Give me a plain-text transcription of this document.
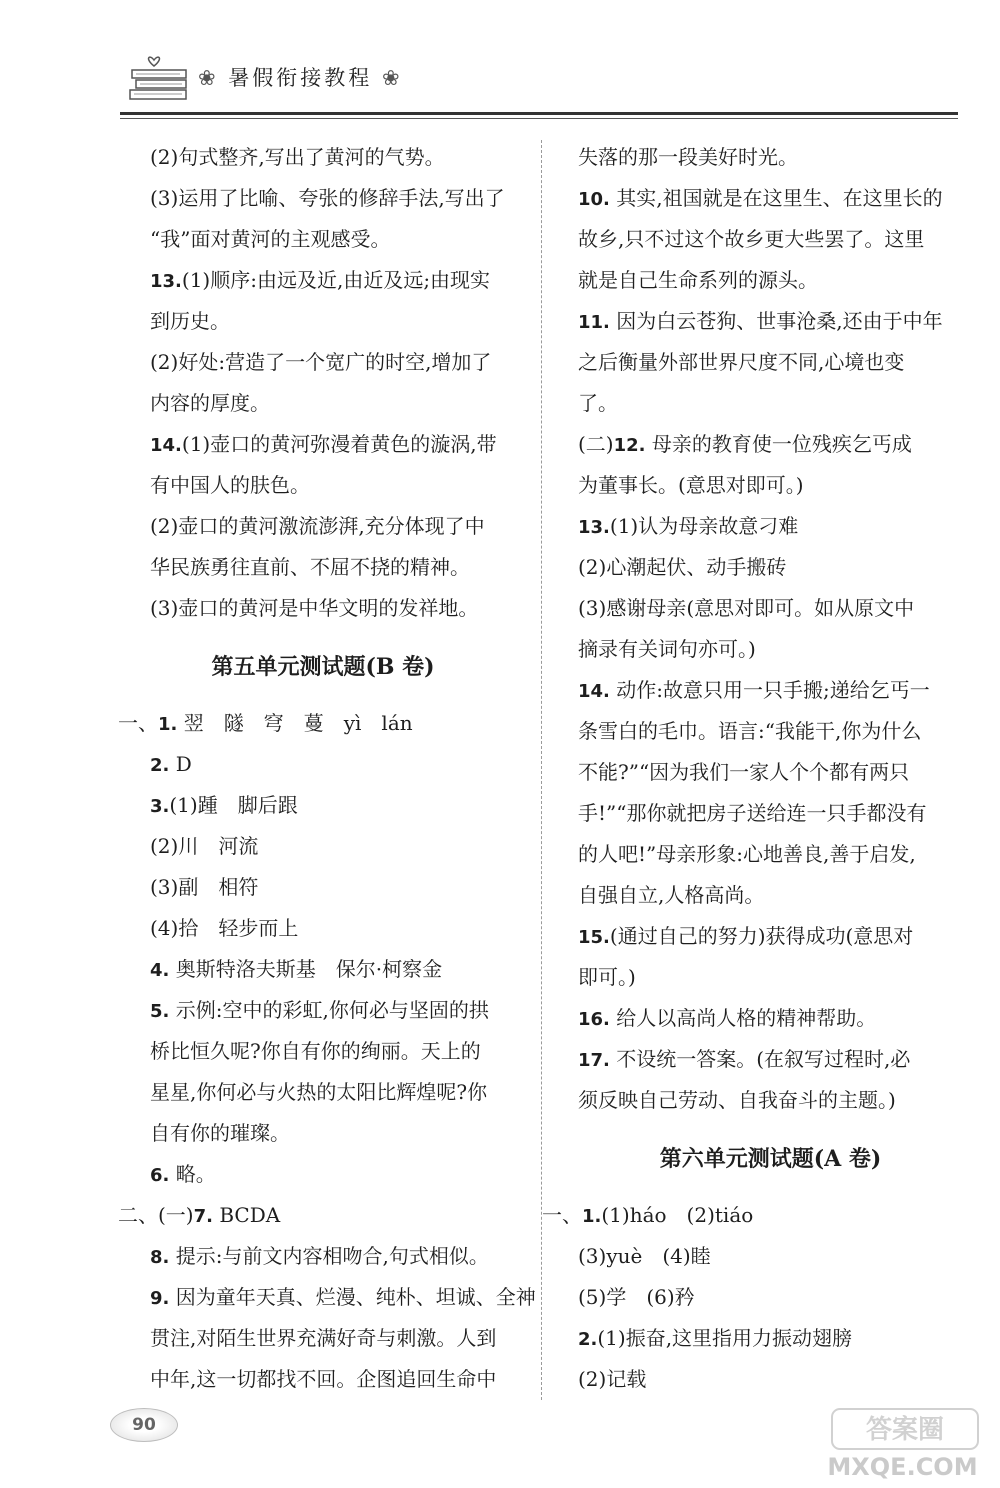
❀ 暑假衔接教程 ❀
(2)句式整齐,写出了黄河的气势。
(3)运用了比喻、夸张的修辞手法,写出了
“我”面对黄河的主观感受。
13.(1)顺序:由远及近,由近及远;由现实
到历史。
(2)好处:营造了一个宽广的时空,增加了
内容的厚度。
14.(1)壶口的黄河弥漫着黄色的漩涡,带
有中国人的肤色。
(2)壶口的黄河激流澎湃,充分体现了中
华民族勇往直前、不屈不挠的精神。
(3)壶口的黄河是中华文明的发祥地。
第五单元测试题(B 卷)
一、1. 翌　隧　穹　蔓　yì　lán
2. D
3.(1)踵　脚后跟
(2)川　河流
(3)副　相符
(4)拾　轻步而上
4. 奥斯特洛夫斯基　保尔·柯察金
5. 示例:空中的彩虹,你何必与坚固的拱
桥比恒久呢?你自有你的绚丽。天上的
星星,你何必与火热的太阳比辉煌呢?你
自有你的璀璨。
6. 略。
二、(一)7. BCDA
8. 提示:与前文内容相吻合,句式相似。
9. 因为童年天真、烂漫、纯朴、坦诚、全神
贯注,对陌生世界充满好奇与刺激。人到
中年,这一切都找不回。企图追回生命中
失落的那一段美好时光。
10. 其实,祖国就是在这里生、在这里长的
故乡,只不过这个故乡更大些罢了。这里
就是自己生命系列的源头。
11. 因为白云苍狗、世事沧桑,还由于中年
之后衡量外部世界尺度不同,心境也变
了。
(二)12. 母亲的教育使一位残疾乞丐成
为董事长。(意思对即可。)
13.(1)认为母亲故意刁难
(2)心潮起伏、动手搬砖
(3)感谢母亲(意思对即可。如从原文中
摘录有关词句亦可。)
14. 动作:故意只用一只手搬;递给乞丐一
条雪白的毛巾。语言:“我能干,你为什么
不能?”“因为我们一家人个个都有两只
手!”“那你就把房子送给连一只手都没有
的人吧!”母亲形象:心地善良,善于启发,
自强自立,人格高尚。
15.(通过自己的努力)获得成功(意思对
即可。)
16. 给人以高尚人格的精神帮助。
17. 不设统一答案。(在叙写过程时,必
须反映自己劳动、自我奋斗的主题。)
第六单元测试题(A 卷)
一、1.(1)háo　(2)tiáo
(3)yuè　(4)睦
(5)学　(6)矜
2.(1)振奋,这里指用力振动翅膀
(2)记载
90	答案圈
MXQE.COM
